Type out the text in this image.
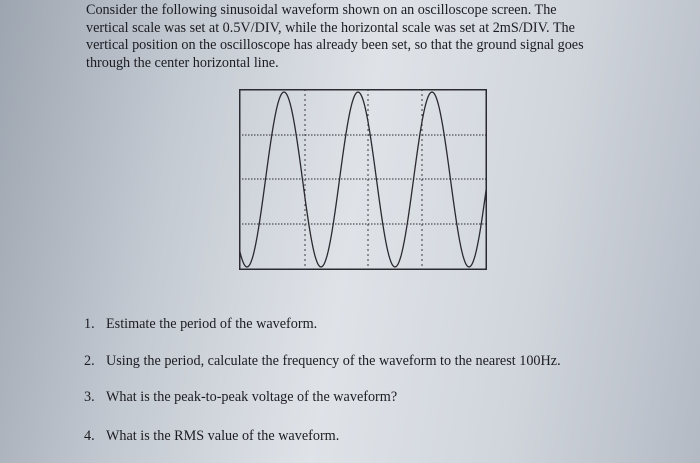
Consider the following sinusoidal waveform shown on an oscilloscope screen. The

vertical scale was set at 0.5V/DIV, while the horizontal scale was set at 2mS/DIV. The

vertical position on the oscilloscope has already been set, so that the ground signal goes

through the center horizontal line.

1. Estimate the period of the waveform.
2. Using the period, calculate the frequency of the waveform to the nearest 100Hz.
3. What is the peak-to-peak voltage of the waveform?
4. What is the RMS value of the waveform.
